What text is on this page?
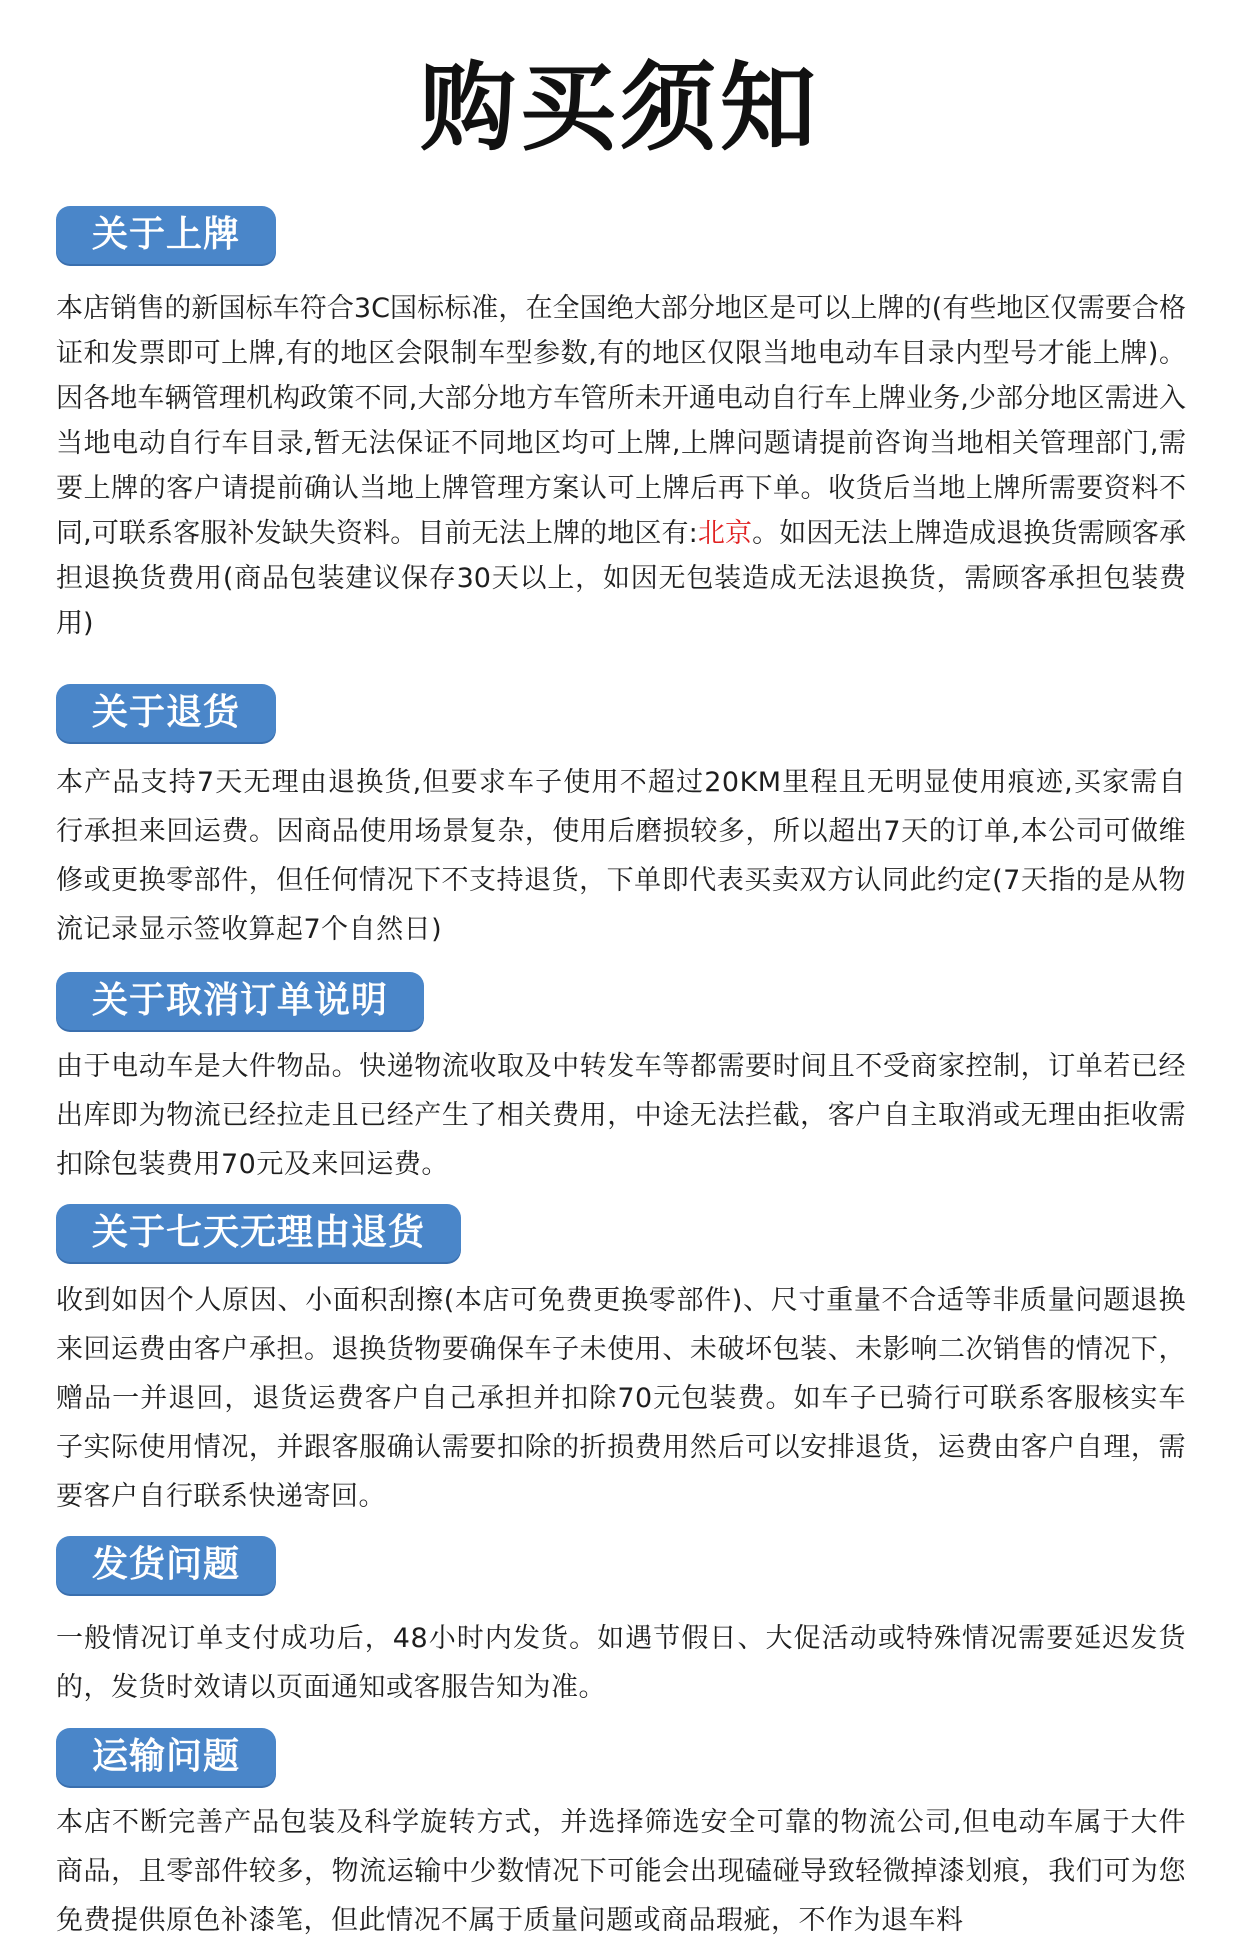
购买须知
关于上牌

本店销售的新国标车符合3C国标标准，在全国绝大部分地区是可以上牌的(有些地区仅需要合格证和发票即可上牌,有的地区会限制车型参数,有的地区仅限当地电动车目录内型号才能上牌)。因各地车辆管理机构政策不同,大部分地方车管所未开通电动自行车上牌业务,少部分地区需进入当地电动自行车目录,暂无法保证不同地区均可上牌,上牌问题请提前咨询当地相关管理部门,需要上牌的客户请提前确认当地上牌管理方案认可上牌后再下单。收货后当地上牌所需要资料不同,可联系客服补发缺失资料。目前无法上牌的地区有:北京。如因无法上牌造成退换货需顾客承担退换货费用(商品包装建议保存30天以上，如因无包装造成无法退换货，需顾客承担包装费用)

关于退货

本产品支持7天无理由退换货,但要求车子使用不超过20KM里程且无明显使用痕迹,买家需自行承担来回运费。因商品使用场景复杂，使用后磨损较多，所以超出7天的订单,本公司可做维修或更换零部件，但任何情况下不支持退货，下单即代表买卖双方认同此约定(7天指的是从物流记录显示签收算起7个自然日)

关于取消订单说明

由于电动车是大件物品。快递物流收取及中转发车等都需要时间且不受商家控制，订单若已经出库即为物流已经拉走且已经产生了相关费用，中途无法拦截，客户自主取消或无理由拒收需扣除包装费用70元及来回运费。

关于七天无理由退货

收到如因个人原因、小面积刮擦(本店可免费更换零部件)、尺寸重量不合适等非质量问题退换来回运费由客户承担。退换货物要确保车子未使用、未破坏包装、未影响二次销售的情况下，赠品一并退回，退货运费客户自己承担并扣除70元包装费。如车子已骑行可联系客服核实车子实际使用情况，并跟客服确认需要扣除的折损费用然后可以安排退货，运费由客户自理，需要客户自行联系快递寄回。

发货问题

一般情况订单支付成功后，48小时内发货。如遇节假日、大促活动或特殊情况需要延迟发货的，发货时效请以页面通知或客服告知为准。

运输问题

本店不断完善产品包装及科学旋转方式，并选择筛选安全可靠的物流公司,但电动车属于大件商品，且零部件较多，物流运输中少数情况下可能会出现磕碰导致轻微掉漆划痕，我们可为您免费提供原色补漆笔，但此情况不属于质量问题或商品瑕疵，不作为退车料
